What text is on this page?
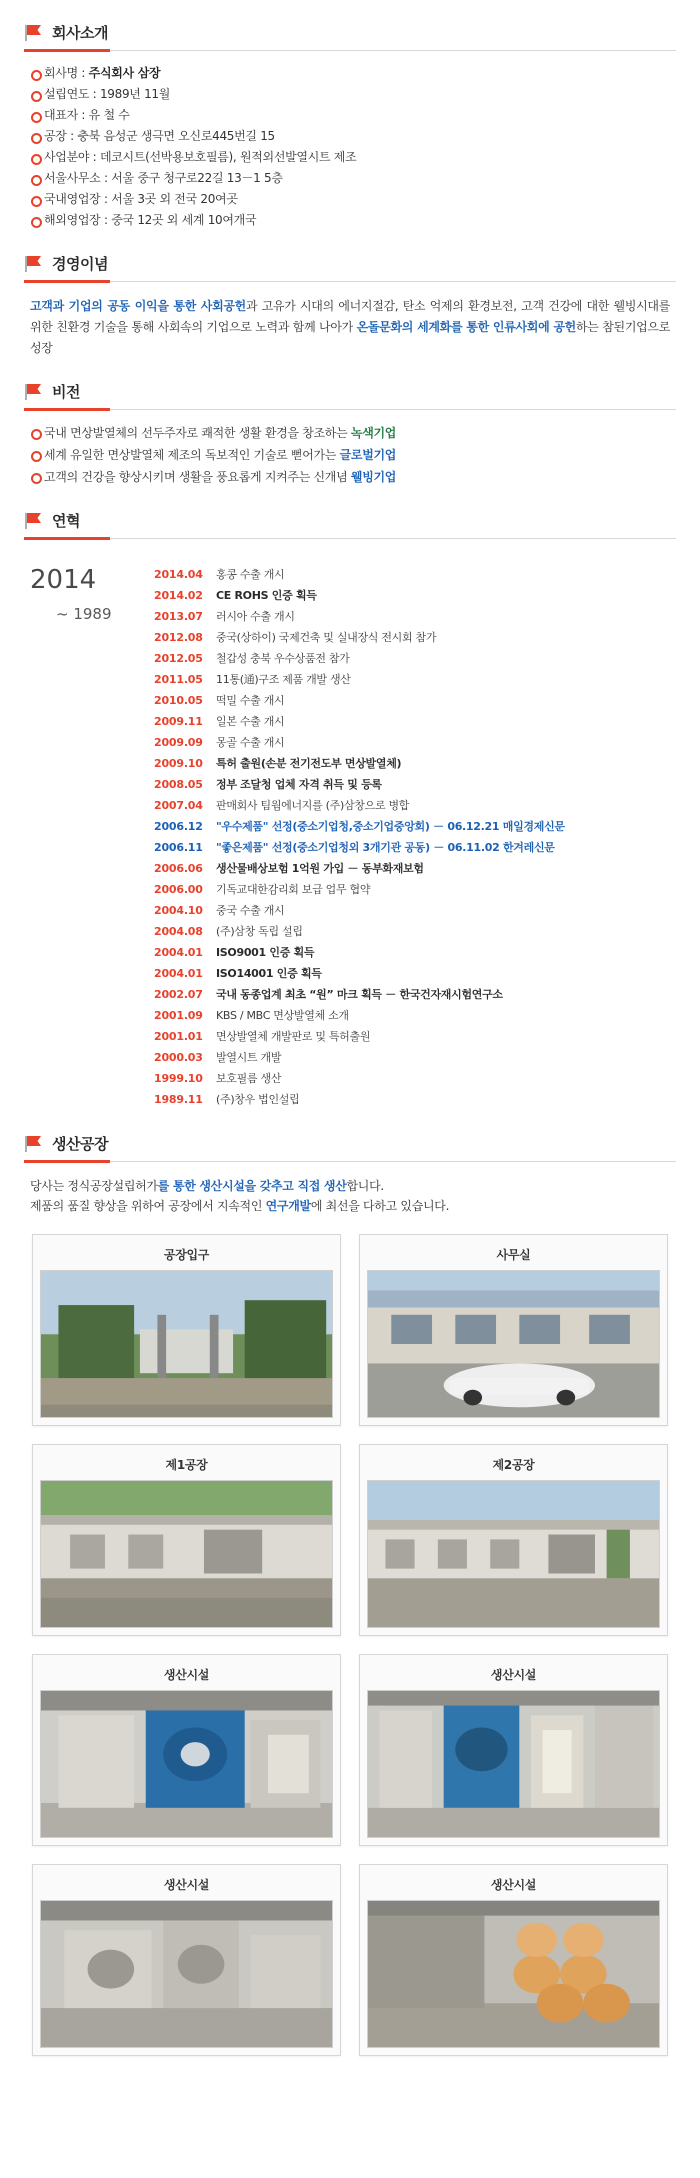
회사소개
회사명 : 주식회사 삼장
설립연도 : 1989년 11월
대표자 : 유 철 수
공장 : 충북 음성군 생극면 오신로445번길 15
사업분야 : 데코시트(선박용보호필름), 원적외선발열시트 제조
서울사무소 : 서울 중구 청구로22길 13－1 5층
국내영업장 : 서울 3곳 외 전국 20여곳
해외영업장 : 중국 12곳 외 세계 10여개국
경영이념
고객과 기업의 공동 이익을 통한 사회공헌과 고유가 시대의 에너지절감, 탄소 억제의 환경보전, 고객 건강에 대한 웰빙시대를 위한 친환경 기술을 통해 사회속의 기업으로 노력과 함께 나아가 온돌문화의 세계화를 통한 인류사회에 공헌하는 참된기업으로 성장
비전
국내 면상발열체의 선두주자로 쾌적한 생활 환경을 창조하는 녹색기업
세계 유일한 면상발열체 제조의 독보적인 기술로 뻗어가는 글로벌기업
고객의 건강을 향상시키며 생활을 풍요롭게 지켜주는 신개념 웰빙기업
연혁
2014
~ 1989
2014.04	홍콩 수출 개시
2014.02	CE ROHS 인증 획득
2013.07	러시아 수출 개시
2012.08	중국(상하이) 국제건축 및 실내장식 전시회 참가
2012.05	철갑성 충북 우수상품전 참가
2011.05	11통(通)구조 제품 개발 생산
2010.05	떡밀 수출 개시
2009.11	일본 수출 개시
2009.09	몽골 수출 개시
2009.10	특허 출원(손분 전기전도부 면상발열체)
2008.05	정부 조달청 업체 자격 취득 및 등록
2007.04	판매회사 팀웜에너지를 (주)삼창으로 병합
2006.12	"우수제품" 선정(중소기업청,중소기업중앙회) － 06.12.21 매일경제신문
2006.11	"좋은제품" 선정(중소기업청외 3개기관 공동) － 06.11.02 한겨레신문
2006.06	생산물배상보험 1억원 가입 － 동부화재보험
2006.00	기독교대한감리회 보급 업무 협약
2004.10	중국 수출 개시
2004.08	(주)삼창 독립 설립
2004.01	ISO9001 인증 획득
2004.01	ISO14001 인증 획득
2002.07	국내 동종업계 최초 “원” 마크 획득 － 한국건자재시험연구소
2001.09	KBS / MBC 면상발열체 소개
2001.01	면상발열체 개발판로 및 특허출원
2000.03	발열시트 개발
1999.10	보호필름 생산
1989.11	(주)창우 법인설립
생산공장
당사는 정식공장설립허가를 통한 생산시설을 갖추고 직접 생산합니다.
제품의 품질 향상을 위하여 공장에서 지속적인 연구개발에 최선을 다하고 있습니다.
공장입구	사무실
제1공장	제2공장
생산시설	생산시설
생산시설	생산시설
